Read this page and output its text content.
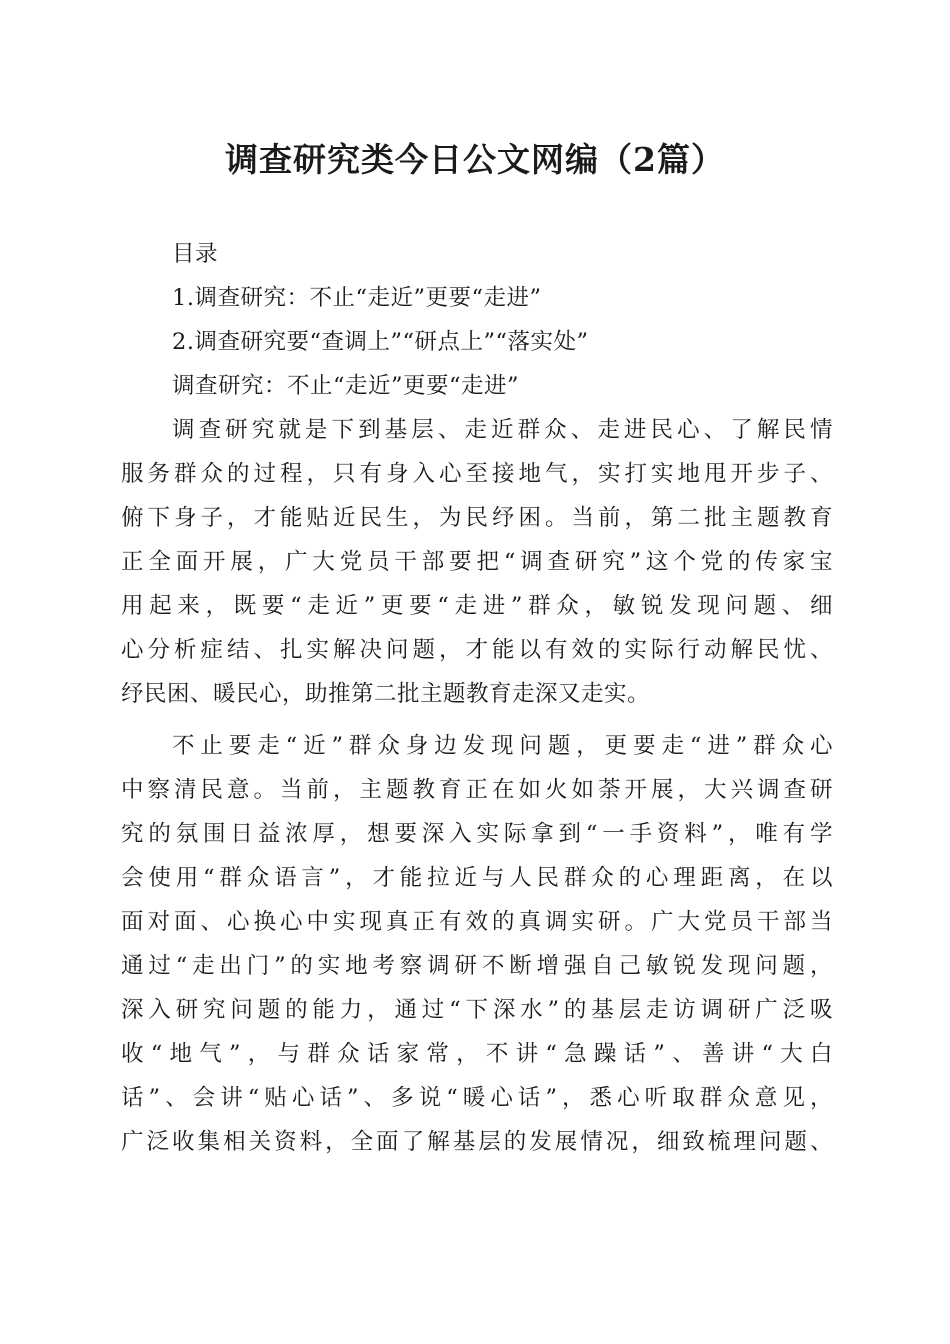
调查研究类今日公文网编（2篇）

目录

1.调查研究：不止“走近”更要“走进”

2.调查研究要“查调上”“研点上”“落实处”

调查研究：不止“走近”更要“走进”

调查研究就是下到基层、走近群众、走进民心、了解民情

服务群众的过程，只有身入心至接地气，实打实地甩开步子、

俯下身子，才能贴近民生，为民纾困。当前，第二批主题教育

正全面开展，广大党员干部要把“调查研究”这个党的传家宝

用起来，既要“走近”更要“走进”群众，敏锐发现问题、细

心分析症结、扎实解决问题，才能以有效的实际行动解民忧、

纾民困、暖民心，助推第二批主题教育走深又走实。

不止要走“近”群众身边发现问题，更要走“进”群众心

中察清民意。当前，主题教育正在如火如荼开展，大兴调查研

究的氛围日益浓厚，想要深入实际拿到“一手资料”，唯有学

会使用“群众语言”，才能拉近与人民群众的心理距离，在以

面对面、心换心中实现真正有效的真调实研。广大党员干部当

通过“走出门”的实地考察调研不断增强自己敏锐发现问题，

深入研究问题的能力，通过“下深水”的基层走访调研广泛吸

收“地气”，与群众话家常，不讲“急躁话”、善讲“大白

话”、会讲“贴心话”、多说“暖心话”，悉心听取群众意见，

广泛收集相关资料，全面了解基层的发展情况，细致梳理问题、
